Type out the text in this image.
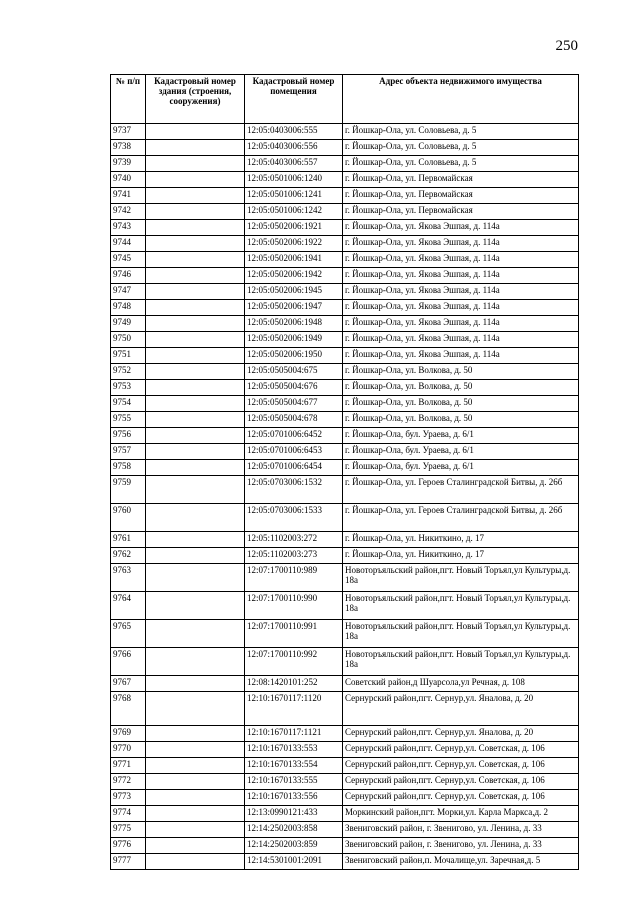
250
№ п/п	Кадастровый номер здания (строения, сооружения)	Кадастровый номер помещения	Адрес объекта недвижимого имущества
9737		12:05:0403006:555	г. Йошкар-Ола, ул. Соловьева, д. 5
9738		12:05:0403006:556	г. Йошкар-Ола, ул. Соловьева, д. 5
9739		12:05:0403006:557	г. Йошкар-Ола, ул. Соловьева, д. 5
9740		12:05:0501006:1240	г. Йошкар-Ола, ул. Первомайская
9741		12:05:0501006:1241	г. Йошкар-Ола, ул. Первомайская
9742		12:05:0501006:1242	г. Йошкар-Ола, ул. Первомайская
9743		12:05:0502006:1921	г. Йошкар-Ола, ул. Якова Эшпая, д. 114а
9744		12:05:0502006:1922	г. Йошкар-Ола, ул. Якова Эшпая, д. 114а
9745		12:05:0502006:1941	г. Йошкар-Ола, ул. Якова Эшпая, д. 114а
9746		12:05:0502006:1942	г. Йошкар-Ола, ул. Якова Эшпая, д. 114а
9747		12:05:0502006:1945	г. Йошкар-Ола, ул. Якова Эшпая, д. 114а
9748		12:05:0502006:1947	г. Йошкар-Ола, ул. Якова Эшпая, д. 114а
9749		12:05:0502006:1948	г. Йошкар-Ола, ул. Якова Эшпая, д. 114а
9750		12:05:0502006:1949	г. Йошкар-Ола, ул. Якова Эшпая, д. 114а
9751		12:05:0502006:1950	г. Йошкар-Ола, ул. Якова Эшпая, д. 114а
9752		12:05:0505004:675	г. Йошкар-Ола, ул. Волкова, д. 50
9753		12:05:0505004:676	г. Йошкар-Ола, ул. Волкова, д. 50
9754		12:05:0505004:677	г. Йошкар-Ола, ул. Волкова, д. 50
9755		12:05:0505004:678	г. Йошкар-Ола, ул. Волкова, д. 50
9756		12:05:0701006:6452	г. Йошкар-Ола, бул. Ураева, д. 6/1
9757		12:05:0701006:6453	г. Йошкар-Ола, бул. Ураева, д. 6/1
9758		12:05:0701006:6454	г. Йошкар-Ола, бул. Ураева, д. 6/1
9759		12:05:0703006:1532	г. Йошкар-Ола, ул. Героев Сталинградской Битвы, д. 26б
9760		12:05:0703006:1533	г. Йошкар-Ола, ул. Героев Сталинградской Битвы, д. 26б
9761		12:05:1102003:272	г. Йошкар-Ола, ул. Никиткино, д. 17
9762		12:05:1102003:273	г. Йошкар-Ола, ул. Никиткино, д. 17
9763		12:07:1700110:989	Новоторъяльский район,пгт. Новый Торъял,ул Культуры,д. 18а
9764		12:07:1700110:990	Новоторъяльский район,пгт. Новый Торъял,ул Культуры,д. 18а
9765		12:07:1700110:991	Новоторъяльский район,пгт. Новый Торъял,ул Культуры,д. 18а
9766		12:07:1700110:992	Новоторъяльский район,пгт. Новый Торъял,ул Культуры,д. 18а
9767		12:08:1420101:252	Советский район,д Шуарсола,ул Речная, д. 108
9768		12:10:1670117:1120	Сернурский район,пгт. Сернур,ул. Яналова, д. 20
9769		12:10:1670117:1121	Сернурский район,пгт. Сернур,ул. Яналова, д. 20
9770		12:10:1670133:553	Сернурский район,пгт. Сернур,ул. Советская, д. 106
9771		12:10:1670133:554	Сернурский район,пгт. Сернур,ул. Советская, д. 106
9772		12:10:1670133:555	Сернурский район,пгт. Сернур,ул. Советская, д. 106
9773		12:10:1670133:556	Сернурский район,пгт. Сернур,ул. Советская, д. 106
9774		12:13:0990121:433	Моркинский район,пгт. Морки,ул. Карла Маркса,д. 2
9775		12:14:2502003:858	Звениговский район, г. Звенигово, ул. Ленина, д. 33
9776		12:14:2502003:859	Звениговский район, г. Звенигово, ул. Ленина, д. 33
9777		12:14:5301001:2091	Звениговский район,п. Мочалище,ул. Заречная,д. 5
